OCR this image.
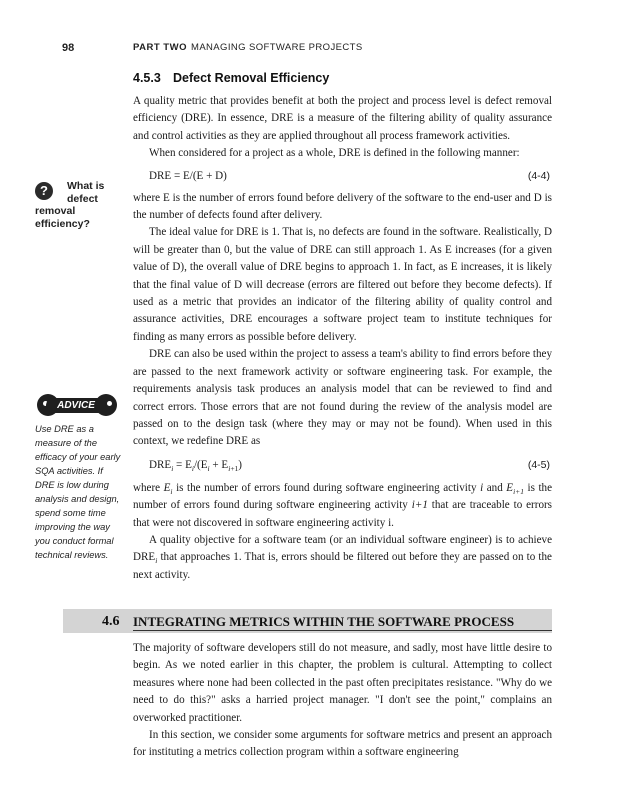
98	PART TWO MANAGING SOFTWARE PROJECTS
4.5.3 Defect Removal Efficiency

A quality metric that provides benefit at both the project and process level is defect removal efficiency (DRE). In essence, DRE is a measure of the filtering ability of quality assurance and control activities as they are applied throughout all process framework activities.

When considered for a project as a whole, DRE is defined in the following manner:

DRE = E/(E + D)	(4-4)

where E is the number of errors found before delivery of the software to the end-user and D is the number of defects found after delivery.

The ideal value for DRE is 1. That is, no defects are found in the software. Realistically, D will be greater than 0, but the value of DRE can still approach 1. As E increases (for a given value of D), the overall value of DRE begins to approach 1. In fact, as E increases, it is likely that the final value of D will decrease (errors are filtered out before they become defects). If used as a metric that provides an indicator of the filtering ability of quality control and assurance activities, DRE encourages a software project team to institute techniques for finding as many errors as possible before delivery.

DRE can also be used within the project to assess a team's ability to find errors before they are passed to the next framework activity or software engineering task. For example, the requirements analysis task produces an analysis model that can be reviewed to find and correct errors. Those errors that are not found during the review of the analysis model are passed on to the design task (where they may or may not be found). When used in this context, we redefine DRE as

$DRE_i = E_i/(E_i + E_{i+1})$	(4-5)

where $E_i$ is the number of errors found during software engineering activity i and $E_{i+1}$ is the number of errors found during software engineering activity i+1 that are traceable to errors that were not discovered in software engineering activity i.

A quality objective for a software team (or an individual software engineer) is to achieve $DRE_i$ that approaches 1. That is, errors should be filtered out before they are passed on to the next activity.

?	What is
defect
removal efficiency?
ADVICE
Use DRE as a measure of the efficacy of your early SQA activities. If DRE is low during analysis and design, spend some time improving the way you conduct formal technical reviews.
4.6 INTEGRATING METRICS WITHIN THE SOFTWARE PROCESS

The majority of software developers still do not measure, and sadly, most have little desire to begin. As we noted earlier in this chapter, the problem is cultural. Attempting to collect measures where none had been collected in the past often precipitates resistance. "Why do we need to do this?" asks a harried project manager. "I don't see the point," complains an overworked practitioner.

In this section, we consider some arguments for software metrics and present an approach for instituting a metrics collection program within a software engineering
